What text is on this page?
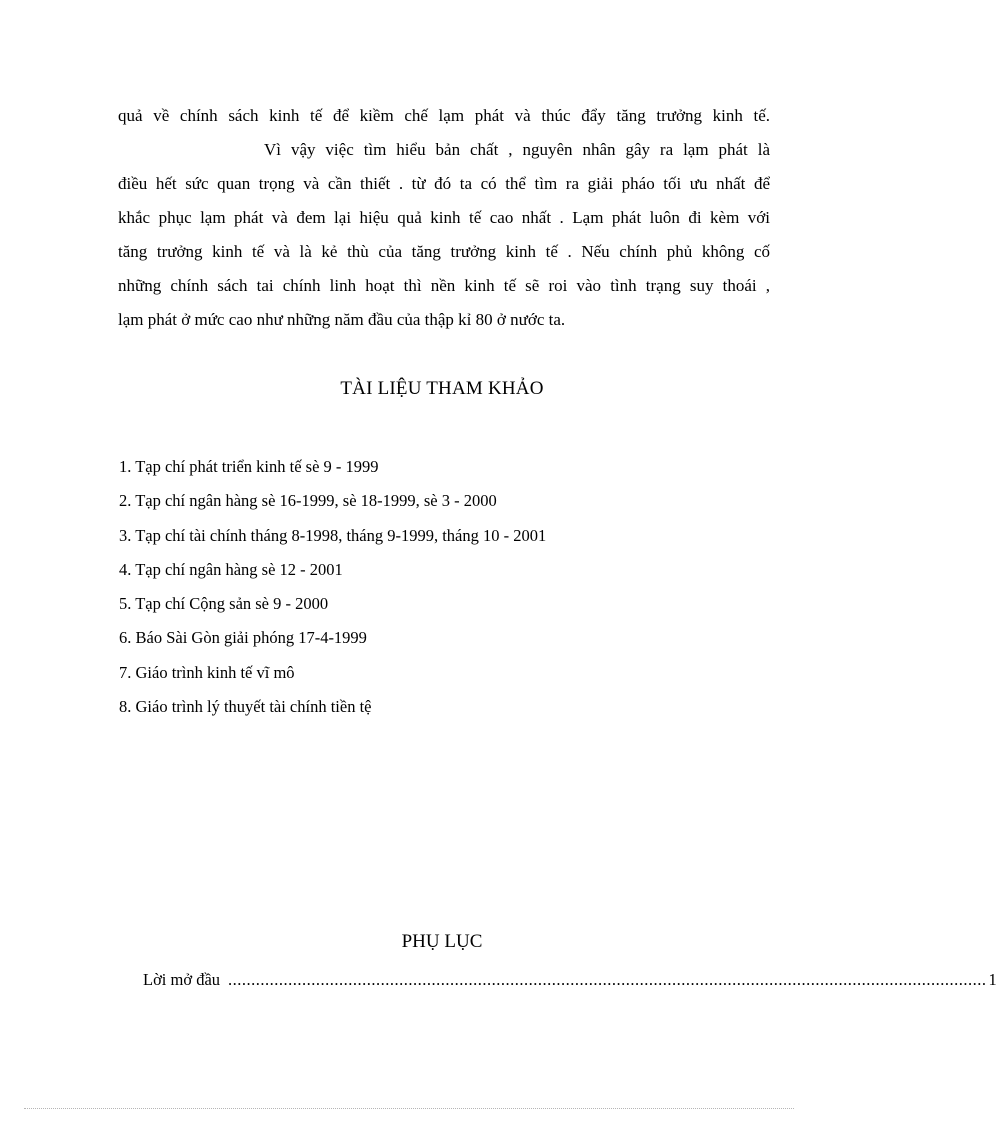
quả về chính sách kinh tế để kiềm chế lạm phát và thúc đẩy tăng trưởng kinh tế.
Vì vậy việc tìm hiểu bản chất , nguyên nhân gây ra lạm phát là
điều hết sức quan trọng và cần thiết . từ đó ta có thể tìm ra giải pháo tối ưu nhất để
khắc phục lạm phát và đem lại hiệu quả kinh tế cao nhất . Lạm phát luôn đi kèm với
tăng trưởng kinh tế và là kẻ thù của tăng trưởng kinh tế . Nếu chính phủ không cố
những chính sách tai chính linh hoạt thì nền kinh tế sẽ roi vào tình trạng suy thoái ,
lạm phát ở mức cao như những năm đầu của thập kỉ 80 ở nước ta.
TÀI LIỆU THAM KHẢO
1. Tạp chí phát triển kinh tế sè 9 - 1999
2. Tạp chí ngân hàng sè 16-1999, sè 18-1999, sè 3 - 2000
3. Tạp chí tài chính tháng 8-1998, tháng 9-1999, tháng 10 - 2001
4. Tạp chí ngân hàng sè 12 - 2001
5. Tạp chí Cộng sản sè 9 - 2000
6. Báo Sài Gòn giải phóng 17-4-1999
7. Giáo trình kinh tế vĩ mô
8. Giáo trình lý thuyết tài chính tiền tệ
PHỤ LỤC
Lời mở đầu .................................................................................................................................................................... 1
